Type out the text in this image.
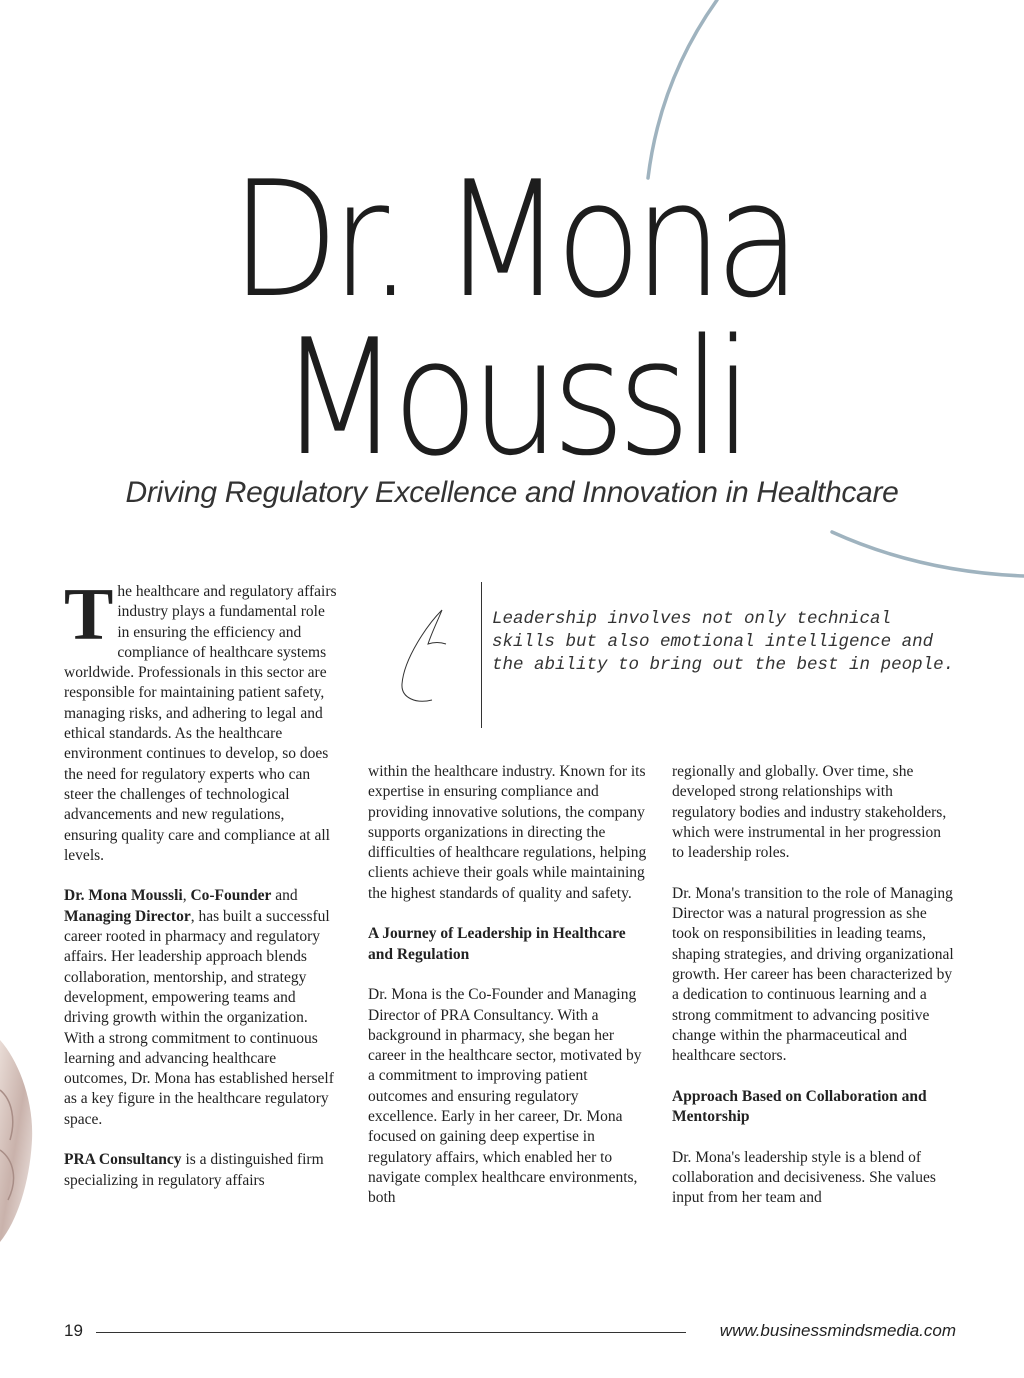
Dr. Mona
Moussli
Driving Regulatory Excellence and Innovation in Healthcare

The healthcare and regulatory affairs industry plays a fundamental role in ensuring the efficiency and compliance of healthcare systems worldwide. Professionals in this sector are responsible for maintaining patient safety, managing risks, and adhering to legal and ethical standards. As the healthcare environment continues to develop, so does the need for regulatory experts who can steer the challenges of technological advancements and new regulations, ensuring quality care and compliance at all levels.

Dr. Mona Moussli, Co-Founder and Managing Director, has built a successful career rooted in pharmacy and regulatory affairs. Her leadership approach blends collaboration, mentorship, and strategy development, empowering teams and driving growth within the organization. With a strong commitment to continuous learning and advancing healthcare outcomes, Dr. Mona has established herself as a key figure in the healthcare regulatory space.

PRA Consultancy is a distinguished firm specializing in regulatory affairs

Leadership involves not only technical skills but also emotional intelligence and the ability to bring out the best in people.

within the healthcare industry. Known for its expertise in ensuring compliance and providing innovative solutions, the company supports organizations in directing the difficulties of healthcare regulations, helping clients achieve their goals while maintaining the highest standards of quality and safety.

A Journey of Leadership in Healthcare and Regulation

Dr. Mona is the Co-Founder and Managing Director of PRA Consultancy. With a background in pharmacy, she began her career in the healthcare sector, motivated by a commitment to improving patient outcomes and ensuring regulatory excellence. Early in her career, Dr. Mona focused on gaining deep expertise in regulatory affairs, which enabled her to navigate complex healthcare environments, both

regionally and globally. Over time, she developed strong relationships with regulatory bodies and industry stakeholders, which were instrumental in her progression to leadership roles.

Dr. Mona's transition to the role of Managing Director was a natural progression as she took on responsibilities in leading teams, shaping strategies, and driving organizational growth. Her career has been characterized by a dedication to continuous learning and a strong commitment to advancing positive change within the pharmaceutical and healthcare sectors.

Approach Based on Collaboration and Mentorship

Dr. Mona's leadership style is a blend of collaboration and decisiveness. She values input from her team and

19	www.businessmindsmedia.com
